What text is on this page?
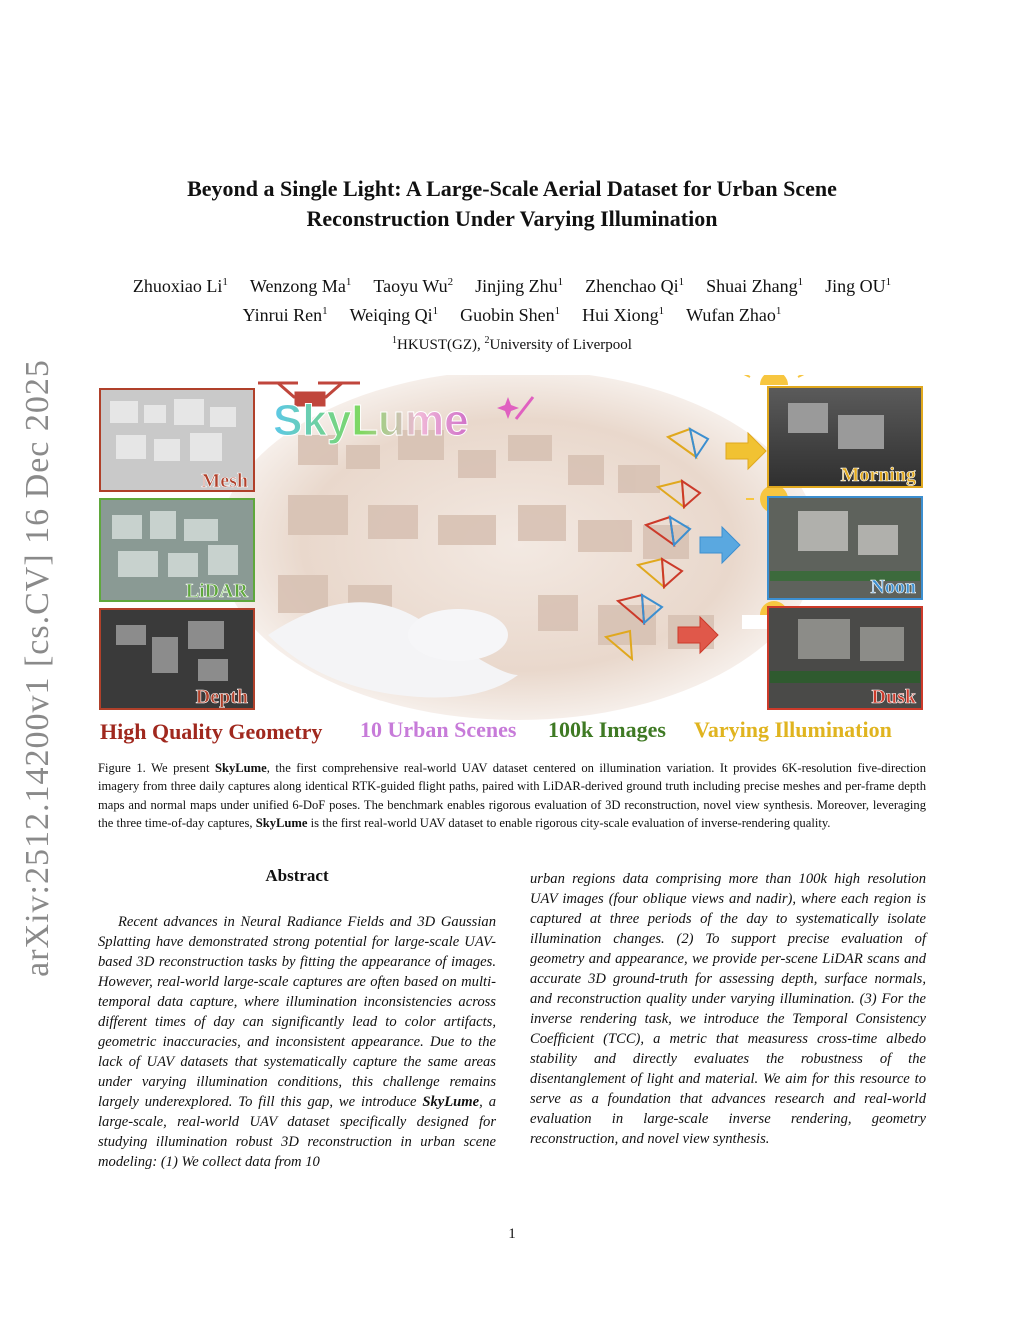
arXiv:2512.14200v1 [cs.CV] 16 Dec 2025
Beyond a Single Light: A Large-Scale Aerial Dataset for Urban Scene
Reconstruction Under Varying Illumination
Zhuoxiao Li$^1$ Wenzong Ma$^1$ Taoyu Wu$^2$ Jinjing Zhu$^1$ Zhenchao Qi$^1$ Shuai Zhang$^1$ Jing $OU^1$
Yinrui Ren$^1$ Weiqing Qi$^1$ Guobin Shen$^1$ Hui Xiong$^1$ Wufan Zhao$^1$
$^1$HKUST(GZ), $^2$University of Liverpool
SkyLume
Mesh
LiDAR
Depth
Morning
Noon
Dusk
High Quality Geometry 10 Urban Scenes 100k Images Varying Illumination
Figure 1. We present SkyLume, the first comprehensive real-world UAV dataset centered on illumination variation. It provides 6K-resolution five-direction imagery from three daily captures along identical RTK-guided flight paths, paired with LiDAR-derived ground truth including precise meshes and per-frame depth maps and normal maps under unified 6-DoF poses. The benchmark enables rigorous evaluation of 3D reconstruction, novel view synthesis. Moreover, leveraging the three time-of-day captures, SkyLume is the first real-world UAV dataset to enable rigorous city-scale evaluation of inverse-rendering quality.
Abstract
Recent advances in Neural Radiance Fields and 3D Gaussian Splatting have demonstrated strong potential for large-scale UAV-based 3D reconstruction tasks by fitting the appearance of images. However, real-world large-scale captures are often based on multi-temporal data capture, where illumination inconsistencies across different times of day can significantly lead to color artifacts, geometric inaccuracies, and inconsistent appearance. Due to the lack of UAV datasets that systematically capture the same areas under varying illumination conditions, this challenge remains largely underexplored. To fill this gap, we introduce SkyLume, a large-scale, real-world UAV dataset specifically designed for studying illumination robust 3D reconstruction in urban scene modeling: (1) We collect data from 10
urban regions data comprising more than 100k high resolution UAV images (four oblique views and nadir), where each region is captured at three periods of the day to systematically isolate illumination changes. (2) To support precise evaluation of geometry and appearance, we provide per-scene LiDAR scans and accurate 3D ground-truth for assessing depth, surface normals, and reconstruction quality under varying illumination. (3) For the inverse rendering task, we introduce the Temporal Consistency Coefficient (TCC), a metric that measuress cross-time albedo stability and directly evaluates the robustness of the disentanglement of light and material. We aim for this resource to serve as a foundation that advances research and real-world evaluation in large-scale inverse rendering, geometry reconstruction, and novel view synthesis.
1
